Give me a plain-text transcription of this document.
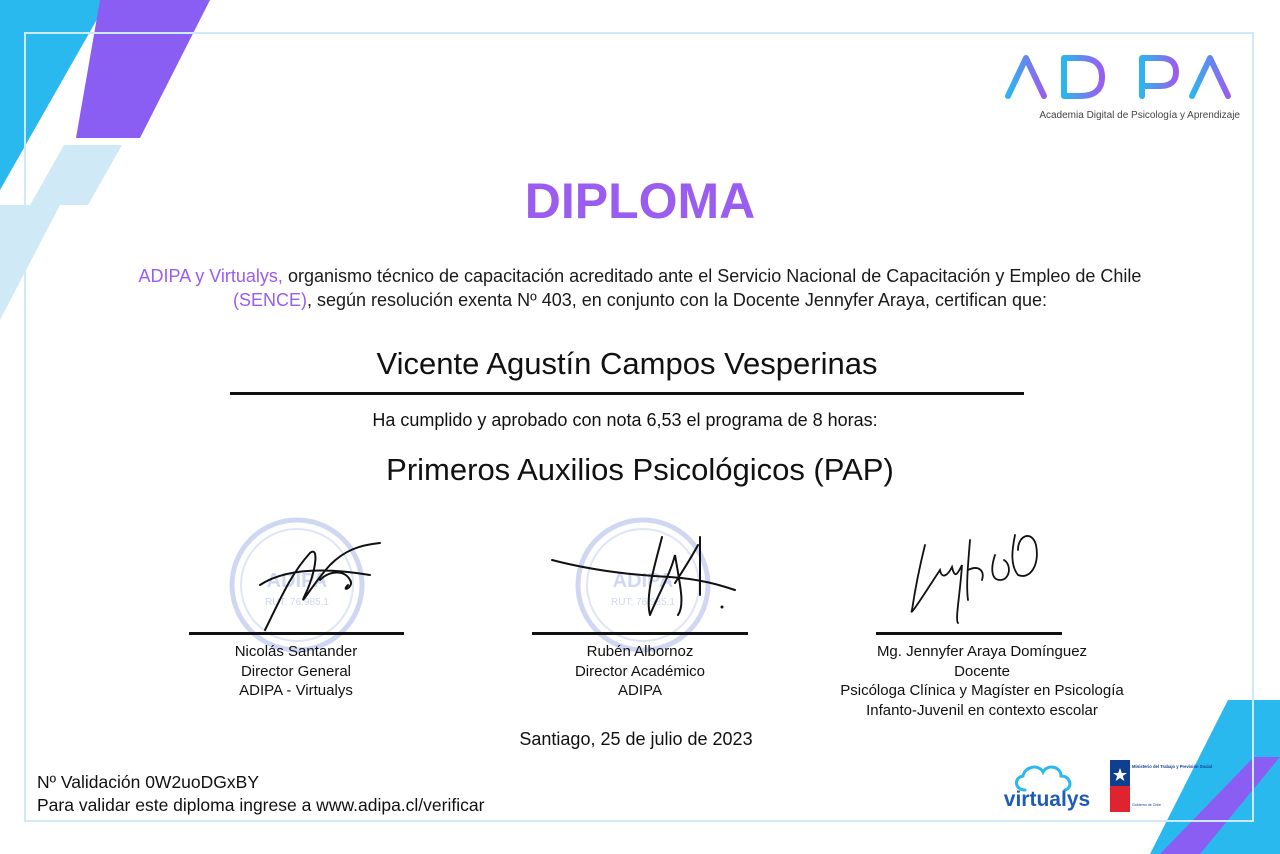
Academia Digital de Psicología y Aprendizaje
DIPLOMA
ADIPA y Virtualys, organismo técnico de capacitación acreditado ante el Servicio Nacional de Capacitación y Empleo de Chile (SENCE), según resolución exenta Nº 403, en conjunto con la Docente Jennyfer Araya, certifican que:
Vicente Agustín Campos Vesperinas
Ha cumplido y aprobado con nota 6,53 el programa de 8 horas:
Primeros Auxilios Psicológicos (PAP)
ADIPA
RUT: 76.985.1
Nicolás Santander
Director General
ADIPA - Virtualys
ADIPA
RUT: 76.985.1
Rubén Albornoz
Director Académico
ADIPA
Mg. Jennyfer Araya Domínguez
Docente
Psicóloga Clínica y Magíster en Psicología
Infanto-Juvenil en contexto escolar
Santiago, 25 de julio de 2023
Nº Validación 0W2uoDGxBY
Para validar este diploma ingrese a www.adipa.cl/verificar	virtualys
Ministerio del Trabajo y Previsión Social
Gobierno de Chile
